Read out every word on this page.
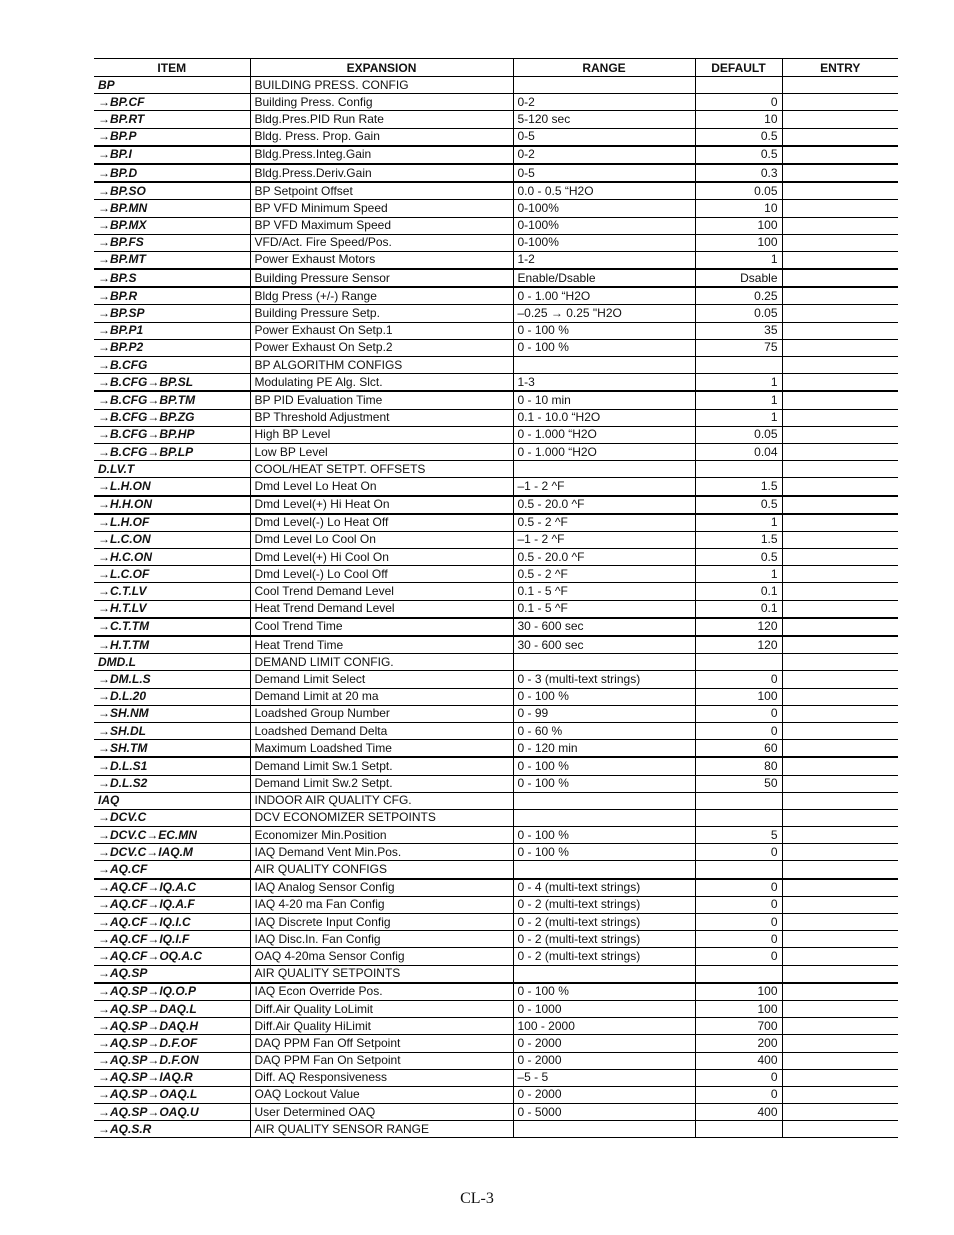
ITEM	EXPANSION	RANGE	DEFAULT	ENTRY
BP	BUILDING PRESS. CONFIG			
→BP.CF	Building Press. Config	0-2	0	
→BP.RT	Bldg.Pres.PID Run Rate	5-120 sec	10	
→BP.P	Bldg. Press. Prop. Gain	0-5	0.5	
→BP.I	Bldg.Press.Integ.Gain	0-2	0.5	
→BP.D	Bldg.Press.Deriv.Gain	0-5	0.3	
→BP.SO	BP Setpoint Offset	0.0 - 0.5 “H2O	0.05	
→BP.MN	BP VFD Minimum Speed	0-100%	10	
→BP.MX	BP VFD Maximum Speed	0-100%	100	
→BP.FS	VFD/Act. Fire Speed/Pos.	0-100%	100	
→BP.MT	Power Exhaust Motors	1-2	1	
→BP.S	Building Pressure Sensor	Enable/Dsable	Dsable	
→BP.R	Bldg Press (+/-) Range	0 - 1.00 “H2O	0.25	
→BP.SP	Building Pressure Setp.	–0.25 → 0.25 "H2O	0.05	
→BP.P1	Power Exhaust On Setp.1	0 - 100 %	35	
→BP.P2	Power Exhaust On Setp.2	0 - 100 %	75	
→B.CFG	BP ALGORITHM CONFIGS			
→B.CFG→BP.SL	Modulating PE Alg. Slct.	1-3	1	
→B.CFG→BP.TM	BP PID Evaluation Time	0 - 10 min	1	
→B.CFG→BP.ZG	BP Threshold Adjustment	0.1 - 10.0 “H2O	1	
→B.CFG→BP.HP	High BP Level	0 - 1.000 “H2O	0.05	
→B.CFG→BP.LP	Low BP Level	0 - 1.000 “H2O	0.04	
D.LV.T	COOL/HEAT SETPT. OFFSETS			
→L.H.ON	Dmd Level Lo Heat On	–1 - 2 ^F	1.5	
→H.H.ON	Dmd Level(+) Hi Heat On	0.5 - 20.0 ^F	0.5	
→L.H.OF	Dmd Level(-) Lo Heat Off	0.5 - 2 ^F	1	
→L.C.ON	Dmd Level Lo Cool On	–1 - 2 ^F	1.5	
→H.C.ON	Dmd Level(+) Hi Cool On	0.5 - 20.0 ^F	0.5	
→L.C.OF	Dmd Level(-) Lo Cool Off	0.5 - 2 ^F	1	
→C.T.LV	Cool Trend Demand Level	0.1 - 5 ^F	0.1	
→H.T.LV	Heat Trend Demand Level	0.1 - 5 ^F	0.1	
→C.T.TM	Cool Trend Time	30 - 600 sec	120	
→H.T.TM	Heat Trend Time	30 - 600 sec	120	
DMD.L	DEMAND LIMIT CONFIG.			
→DM.L.S	Demand Limit Select	0 - 3 (multi-text strings)	0	
→D.L.20	Demand Limit at 20 ma	0 - 100 %	100	
→SH.NM	Loadshed Group Number	0 - 99	0	
→SH.DL	Loadshed Demand Delta	0 - 60 %	0	
→SH.TM	Maximum Loadshed Time	0 - 120 min	60	
→D.L.S1	Demand Limit Sw.1 Setpt.	0 - 100 %	80	
→D.L.S2	Demand Limit Sw.2 Setpt.	0 - 100 %	50	
IAQ	INDOOR AIR QUALITY CFG.			
→DCV.C	DCV ECONOMIZER SETPOINTS			
→DCV.C→EC.MN	Economizer Min.Position	0 - 100 %	5	
→DCV.C→IAQ.M	IAQ Demand Vent Min.Pos.	0 - 100 %	0	
→AQ.CF	AIR QUALITY CONFIGS			
→AQ.CF→IQ.A.C	IAQ Analog Sensor Config	0 - 4 (multi-text strings)	0	
→AQ.CF→IQ.A.F	IAQ 4-20 ma Fan Config	0 - 2 (multi-text strings)	0	
→AQ.CF→IQ.I.C	IAQ Discrete Input Config	0 - 2 (multi-text strings)	0	
→AQ.CF→IQ.I.F	IAQ Disc.In. Fan Config	0 - 2 (multi-text strings)	0	
→AQ.CF→OQ.A.C	OAQ 4-20ma Sensor Config	0 - 2 (multi-text strings)	0	
→AQ.SP	AIR QUALITY SETPOINTS			
→AQ.SP→IQ.O.P	IAQ Econ Override Pos.	0 - 100 %	100	
→AQ.SP→DAQ.L	Diff.Air Quality LoLimit	0 - 1000	100	
→AQ.SP→DAQ.H	Diff.Air Quality HiLimit	100 - 2000	700	
→AQ.SP→D.F.OF	DAQ PPM Fan Off Setpoint	0 - 2000	200	
→AQ.SP→D.F.ON	DAQ PPM Fan On Setpoint	0 - 2000	400	
→AQ.SP→IAQ.R	Diff. AQ Responsiveness	–5 - 5	0	
→AQ.SP→OAQ.L	OAQ Lockout Value	0 - 2000	0	
→AQ.SP→OAQ.U	User Determined OAQ	0 - 5000	400	
→AQ.S.R	AIR QUALITY SENSOR RANGE			
CL-3
